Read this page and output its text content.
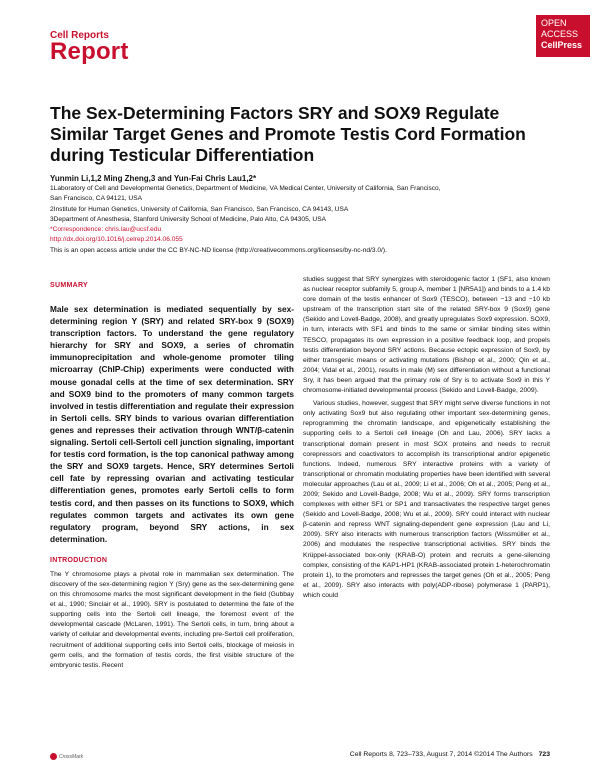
Cell Reports
Report
OPEN
ACCESS
CellPress
The Sex-Determining Factors SRY and SOX9 Regulate Similar Target Genes and Promote Testis Cord Formation during Testicular Differentiation
Yunmin Li,1,2 Ming Zheng,3 and Yun-Fai Chris Lau1,2*
1Laboratory of Cell and Developmental Genetics, Department of Medicine, VA Medical Center, University of California, San Francisco,
San Francisco, CA 94121, USA
2Institute for Human Genetics, University of California, San Francisco, San Francisco, CA 94143, USA
3Department of Anesthesia, Stanford University School of Medicine, Palo Alto, CA 94305, USA
*Correspondence: chris.lau@ucsf.edu
http://dx.doi.org/10.1016/j.celrep.2014.06.055
This is an open access article under the CC BY-NC-ND license (http://creativecommons.org/licenses/by-nc-nd/3.0/).
SUMMARY
Male sex determination is mediated sequentially by sex-determining region Y (SRY) and related SRY-box 9 (SOX9) transcription factors. To understand the gene regulatory hierarchy for SRY and SOX9, a series of chromatin immunoprecipitation and whole-genome promoter tiling microarray (ChIP-Chip) experiments were conducted with mouse gonadal cells at the time of sex determination. SRY and SOX9 bind to the promoters of many common targets involved in testis differentiation and regulate their expression in Sertoli cells. SRY binds to various ovarian differentiation genes and represses their activation through WNT/β-catenin signaling. Sertoli cell-Sertoli cell junction signaling, important for testis cord formation, is the top canonical pathway among the SRY and SOX9 targets. Hence, SRY determines Sertoli cell fate by repressing ovarian and activating testicular differentiation genes, promotes early Sertoli cells to form testis cord, and then passes on its functions to SOX9, which regulates common targets and activates its own gene regulatory program, beyond SRY actions, in sex determination.
INTRODUCTION

The Y chromosome plays a pivotal role in mammalian sex determination. The discovery of the sex-determining region Y (Sry) gene as the sex-determining gene on this chromosome marks the most significant development in the field (Gubbay et al., 1990; Sinclair et al., 1990). SRY is postulated to determine the fate of the supporting cells into the Sertoli cell lineage, the foremost event of the developmental cascade (McLaren, 1991). The Sertoli cells, in turn, bring about a variety of cellular and developmental events, including pre-Sertoli cell proliferation, recruitment of additional supporting cells into Sertoli cells, blockage of meiosis in germ cells, and the formation of testis cords, the first visible structure of the embryonic testis. Recent

studies suggest that SRY synergizes with steroidogenic factor 1 (SF1, also known as nuclear receptor subfamily 5, group A, member 1 [NR5A1]) and binds to a 1.4 kb core domain of the testis enhancer of Sox9 (TESCO), between −13 and −10 kb upstream of the transcription start site of the related SRY-box 9 (Sox9) gene (Sekido and Lovell-Badge, 2008), and greatly upregulates Sox9 expression. SOX9, in turn, interacts with SF1 and binds to the same or similar binding sites within TESCO, propagates its own expression in a positive feedback loop, and propels testis differentiation beyond SRY actions. Because ectopic expression of Sox9, by either transgenic means or activating mutations (Bishop et al., 2000; Qin et al., 2004; Vidal et al., 2001), results in male (M) sex differentiation without a functional Sry, it has been argued that the primary role of Sry is to activate Sox9 in this Y chromosome-initiated developmental process (Sekido and Lovell-Badge, 2009).

Various studies, however, suggest that SRY might serve diverse functions in not only activating Sox9 but also regulating other important sex-determining genes, reprogramming the chromatin landscape, and epigenetically establishing the supporting cells to a Sertoli cell lineage (Oh and Lau, 2006). SRY lacks a transcriptional domain present in most SOX proteins and needs to recruit corepressors and coactivators to accomplish its transcriptional and/or epigenetic functions. Indeed, numerous SRY interactive proteins with a variety of transcriptional or chromatin modulating properties have been identified with several molecular approaches (Lau et al., 2009; Li et al., 2006; Oh et al., 2005; Peng et al., 2009; Sekido and Lovell-Badge, 2008; Wu et al., 2009). SRY forms transcription complexes with either SF1 or SP1 and transactivates the respective target genes (Sekido and Lovell-Badge, 2008; Wu et al., 2009). SRY could interact with nuclear β-catenin and repress WNT signaling-dependent gene expression (Lau and Li, 2009). SRY also interacts with numerous transcription factors (Wissmüller et al., 2006) and modulates the respective transcriptional activities. SRY binds the Krüppel-associated box-only (KRAB-O) protein and recruits a gene-silencing complex, consisting of the KAP1-HP1 (KRAB-associated protein 1-heterochromatin protein 1), to the promoters and represses the target genes (Oh et al., 2005; Peng et al., 2009). SRY also interacts with poly(ADP-ribose) polymerase 1 (PARP1), which could

CrossMark	Cell Reports 8, 723–733, August 7, 2014 ©2014 The Authors 723
